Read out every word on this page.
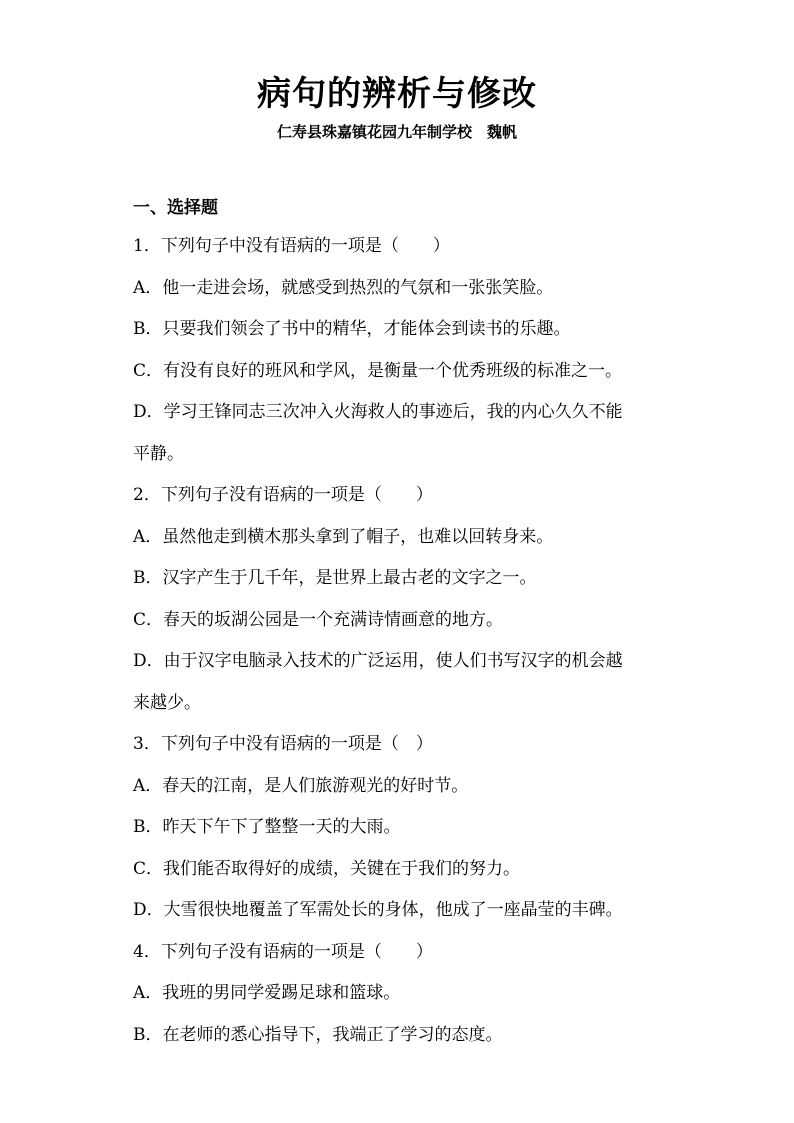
病句的辨析与修改

仁寿县珠嘉镇花园九年制学校　魏帆

一、选择题

1．下列句子中没有语病的一项是（　　）

A．他一走进会场，就感受到热烈的气氛和一张张笑脸。

B．只要我们领会了书中的精华，才能体会到读书的乐趣。

C．有没有良好的班风和学风，是衡量一个优秀班级的标准之一。

D．学习王锋同志三次冲入火海救人的事迹后，我的内心久久不能

平静。

2．下列句子没有语病的一项是（　　）

A．虽然他走到横木那头拿到了帽子，也难以回转身来。

B．汉字产生于几千年，是世界上最古老的文字之一。

C．春天的坂湖公园是一个充满诗情画意的地方。

D．由于汉字电脑录入技术的广泛运用，使人们书写汉字的机会越

来越少。

3．下列句子中没有语病的一项是（　）

A．春天的江南，是人们旅游观光的好时节。

B．昨天下午下了整整一天的大雨。

C．我们能否取得好的成绩，关键在于我们的努力。

D．大雪很快地覆盖了军需处长的身体，他成了一座晶莹的丰碑。

4．下列句子没有语病的一项是（　　）

A．我班的男同学爱踢足球和篮球。

B．在老师的悉心指导下，我端正了学习的态度。
